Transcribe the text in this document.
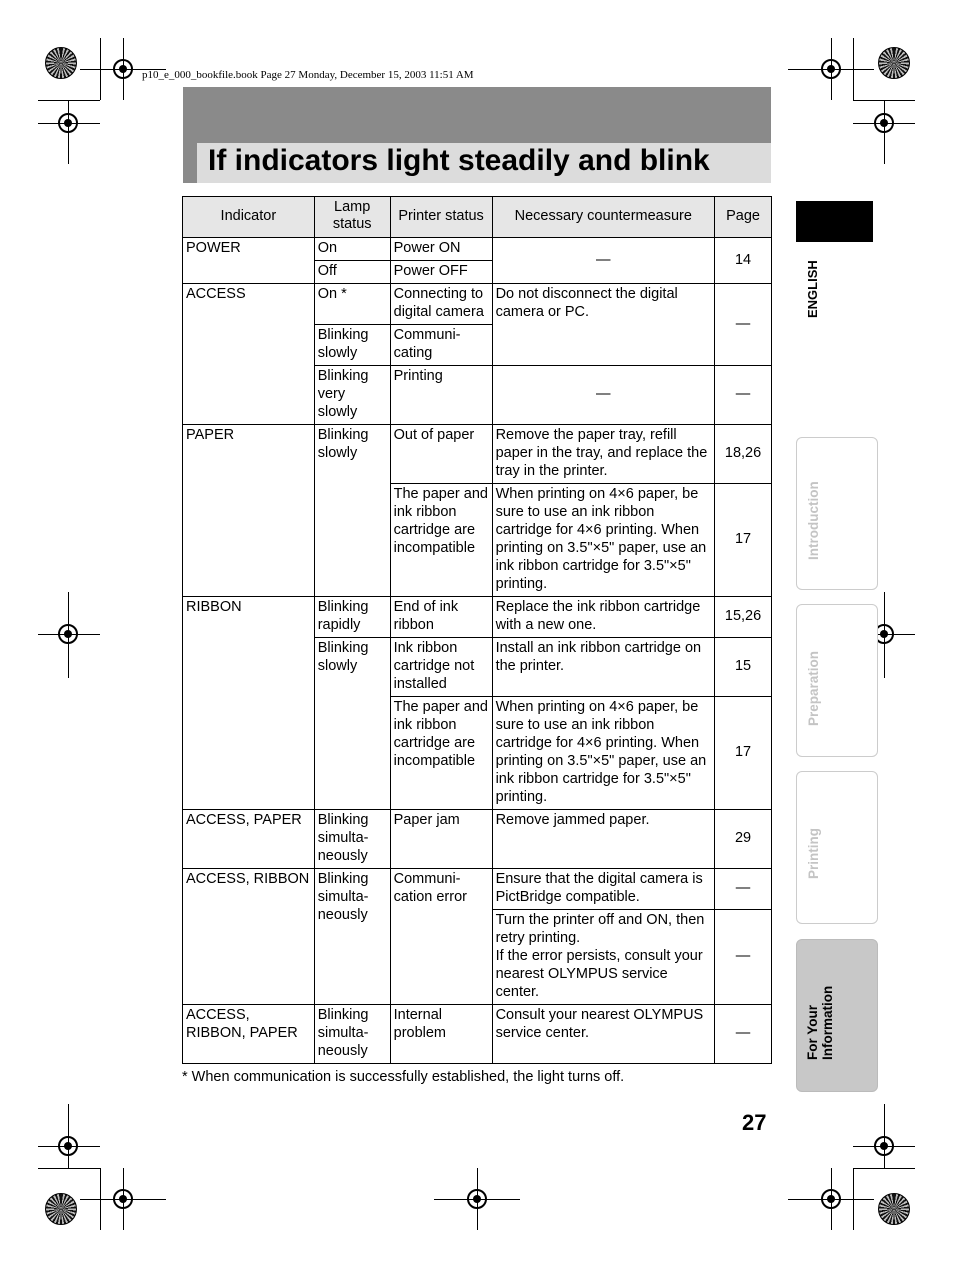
p10_e_000_bookfile.book Page 27 Monday, December 15, 2003 11:51 AM
If indicators light steadily and blink
Indicator	Lamp status	Printer status	Necessary countermeasure	Page
POWER	On	Power ON	—	14
	Off	Power OFF		
ACCESS	On *	Connecting to digital camera	Do not disconnect the digital camera or PC.	—
	Blinking slowly	Communi-cating		
	Blinking very slowly	Printing	—	—
PAPER	Blinking slowly	Out of paper	Remove the paper tray, refill paper in the tray, and replace the tray in the printer.	18,26
		The paper and ink ribbon cartridge are incompatible	When printing on 4×6 paper, be sure to use an ink ribbon cartridge for 4×6 printing. When printing on 3.5"×5" paper, use an ink ribbon cartridge for 3.5"×5" printing.	17
RIBBON	Blinking rapidly	End of ink ribbon	Replace the ink ribbon cartridge with a new one.	15,26
	Blinking slowly	Ink ribbon cartridge not installed	Install an ink ribbon cartridge on the printer.	15
		The paper and ink ribbon cartridge are incompatible	When printing on 4×6 paper, be sure to use an ink ribbon cartridge for 4×6 printing. When printing on 3.5"×5" paper, use an ink ribbon cartridge for 3.5"×5" printing.	17
ACCESS, PAPER	Blinking simulta-neously	Paper jam	Remove jammed paper.	29
ACCESS, RIBBON	Blinking simulta-neously	Communi-cation error	Ensure that the digital camera is PictBridge compatible.	—
			Turn the printer off and ON, then retry printing.
If the error persists, consult your nearest OLYMPUS service center.	—
ACCESS, RIBBON, PAPER	Blinking simulta-neously	Internal problem	Consult your nearest OLYMPUS service center.	—
* When communication is successfully established, the light turns off.
27
ENGLISH
Introduction
Preparation
Printing
For Your Information
